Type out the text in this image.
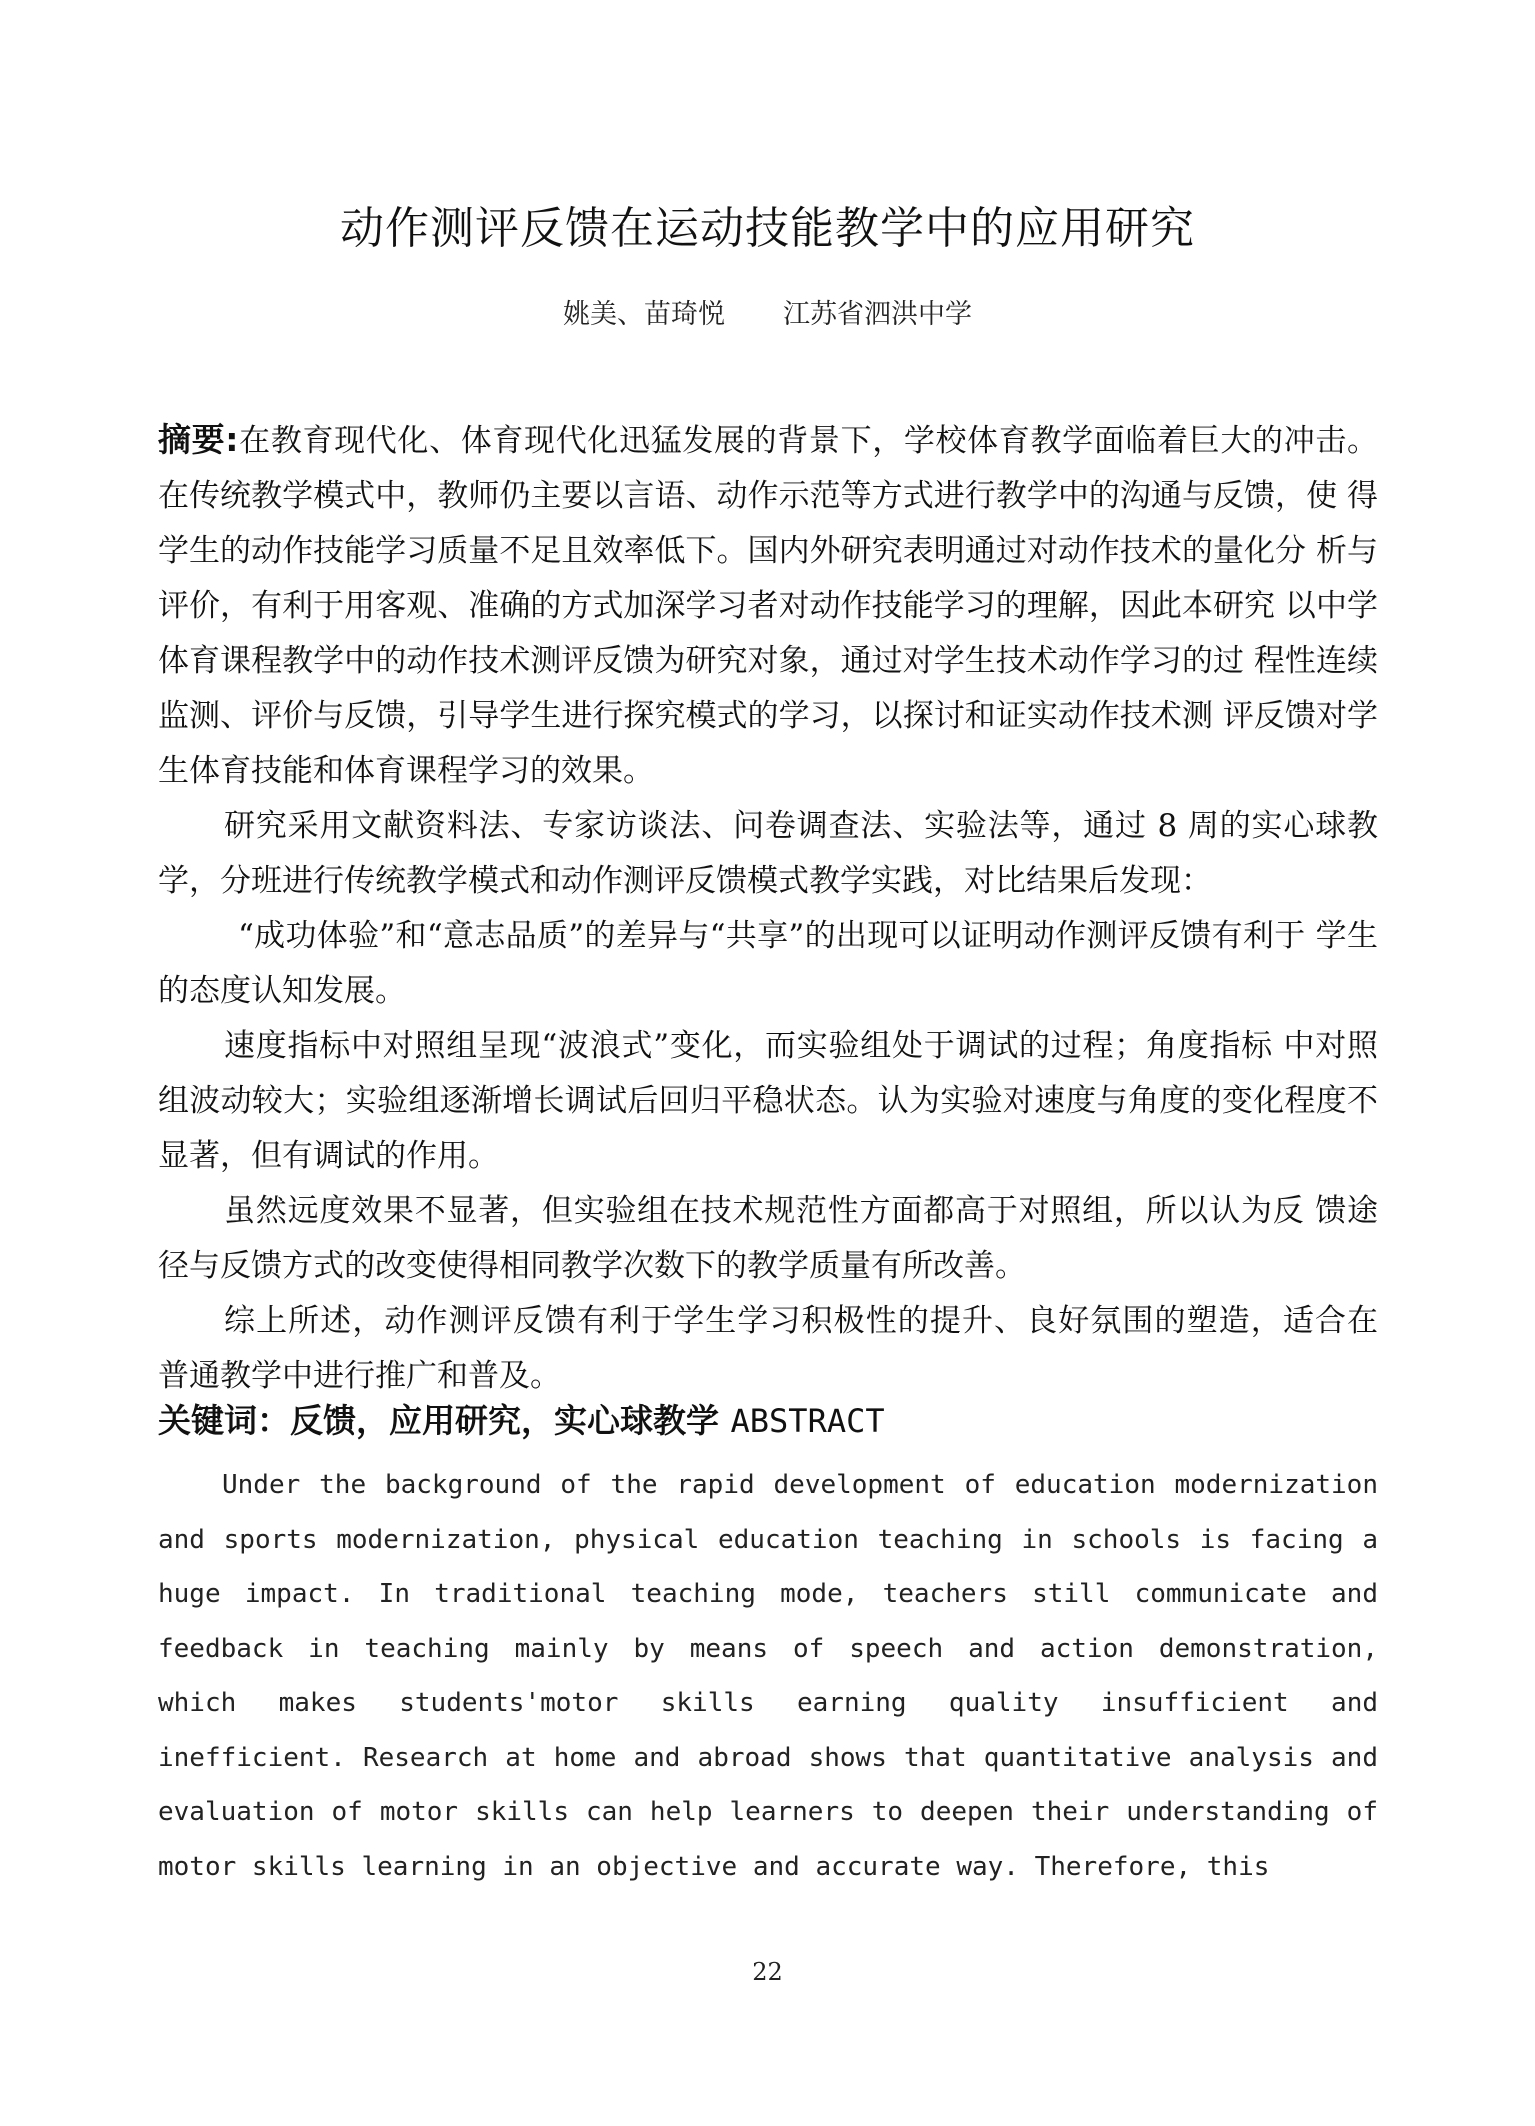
动作测评反馈在运动技能教学中的应用研究
姚美、苗琦悦 江苏省泗洪中学

摘要:在教育现代化、体育现代化迅猛发展的背景下，学校体育教学面临着巨大的冲击。 在传统教学模式中，教师仍主要以言语、动作示范等方式进行教学中的沟通与反馈，使 得学生的动作技能学习质量不足且效率低下。国内外研究表明通过对动作技术的量化分 析与评价，有利于用客观、准确的方式加深学习者对动作技能学习的理解，因此本研究 以中学体育课程教学中的动作技术测评反馈为研究对象，通过对学生技术动作学习的过 程性连续监测、评价与反馈，引导学生进行探究模式的学习，以探讨和证实动作技术测 评反馈对学生体育技能和体育课程学习的效果。

研究采用文献资料法、专家访谈法、问卷调查法、实验法等，通过 8 周的实心球教学，分班进行传统教学模式和动作测评反馈模式教学实践，对比结果后发现：

“成功体验”和“意志品质”的差异与“共享”的出现可以证明动作测评反馈有利于 学生的态度认知发展。

速度指标中对照组呈现“波浪式”变化，而实验组处于调试的过程；角度指标 中对照组波动较大；实验组逐渐增长调试后回归平稳状态。认为实验对速度与角度的变化程度不显著，但有调试的作用。

虽然远度效果不显著，但实验组在技术规范性方面都高于对照组，所以认为反 馈途径与反馈方式的改变使得相同教学次数下的教学质量有所改善。

综上所述，动作测评反馈有利于学生学习积极性的提升、良好氛围的塑造，适合在 普通教学中进行推广和普及。

关键词：反馈，应用研究，实心球教学 ABSTRACT

Under the background of the rapid development of education modernization and sports modernization, physical education teaching in schools is facing a huge impact. In traditional teaching mode, teachers still communicate and feedback in teaching mainly by means of speech and action demonstration, which makes students'motor skills earning quality insufficient and inefficient. Research at home and abroad shows that quantitative analysis and evaluation of motor skills can help learners to deepen their understanding of motor skills learning in an objective and accurate way. Therefore, this

22
